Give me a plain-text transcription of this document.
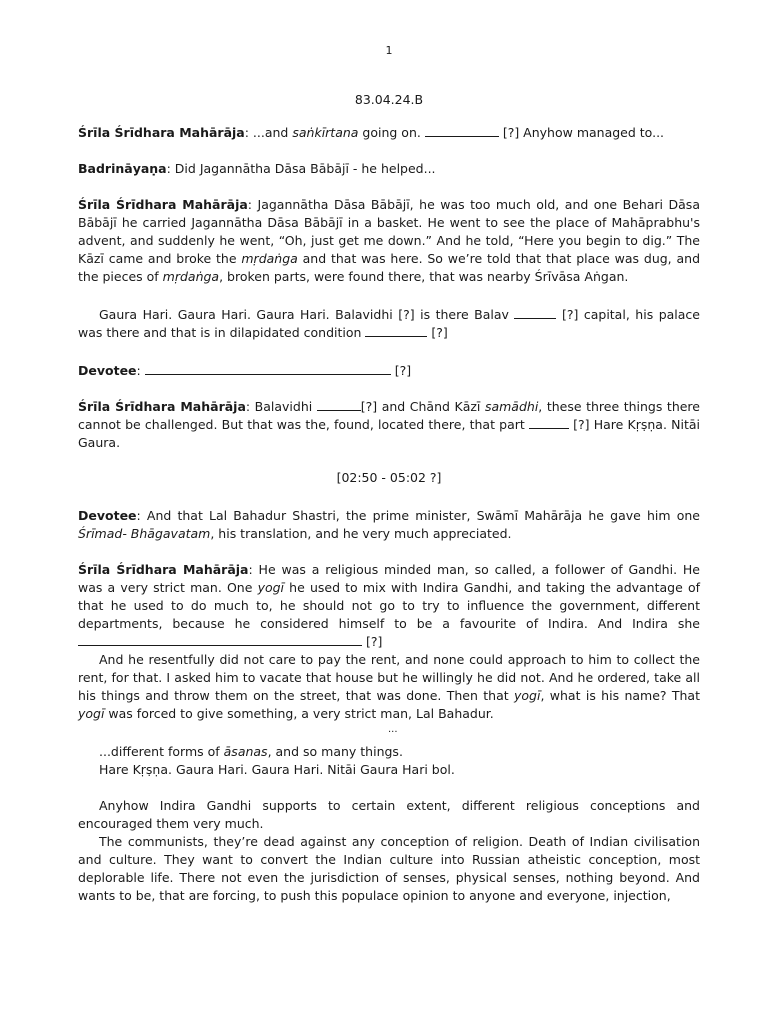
1
83.04.24.B

Śrīla Śrīdhara Mahārāja: ...and saṅkīrtana going on.	[?] Anyhow managed to...

Badrināyaṇa: Did Jagannātha Dāsa Bābājī - he helped...

Śrīla Śrīdhara Mahārāja: Jagannātha Dāsa Bābājī, he was too much old, and one Behari Dāsa Bābājī he carried Jagannātha Dāsa Bābājī in a basket. He went to see the place of Mahāprabhu's advent, and suddenly he went, “Oh, just get me down.” And he told, “Here you begin to dig.” The Kāzī came and broke the mṛdaṅga and that was here. So we’re told that that place was dug, and the pieces of mṛdaṅga, broken parts, were found there, that was nearby Śrīvāsa Aṅgan.

Gaura Hari. Gaura Hari. Gaura Hari. Balavidhi [?] is there Balav	[?] capital, his palace was there and that is in dilapidated condition	[?]

Devotee:	[?]

Śrīla Śrīdhara Mahārāja: Balavidhi	[?] and Chānd Kāzī samādhi, these three things there cannot be challenged. But that was the, found, located there, that part	[?] Hare Kṛṣṇa. Nitāi Gaura.

[02:50 - 05:02 ?]

Devotee: And that Lal Bahadur Shastri, the prime minister, Swāmī Mahārāja he gave him one Śrīmad- Bhāgavatam, his translation, and he very much appreciated.

Śrīla Śrīdhara Mahārāja: He was a religious minded man, so called, a follower of Gandhi. He was a very strict man. One yogī he used to mix with Indira Gandhi, and taking the advantage of that he used to do much to, he should not go to try to influence the government, different departments, because he considered himself to be a favourite of Indira. And Indira she  [?]

And he resentfully did not care to pay the rent, and none could approach to him to collect the rent, for that. I asked him to vacate that house but he willingly he did not. And he ordered, take all his things and throw them on the street, that was done. Then that yogī, what is his name? That yogī was forced to give something, a very strict man, Lal Bahadur.

...

...different forms of āsanas, and so many things.

Hare Kṛṣṇa. Gaura Hari. Gaura Hari. Nitāi Gaura Hari bol.

Anyhow Indira Gandhi supports to certain extent, different religious conceptions and encouraged them very much.

The communists, they’re dead against any conception of religion. Death of Indian civilisation and culture. They want to convert the Indian culture into Russian atheistic conception, most deplorable life. There not even the jurisdiction of senses, physical senses, nothing beyond. And wants to be, that are forcing, to push this populace opinion to anyone and everyone, injection,
